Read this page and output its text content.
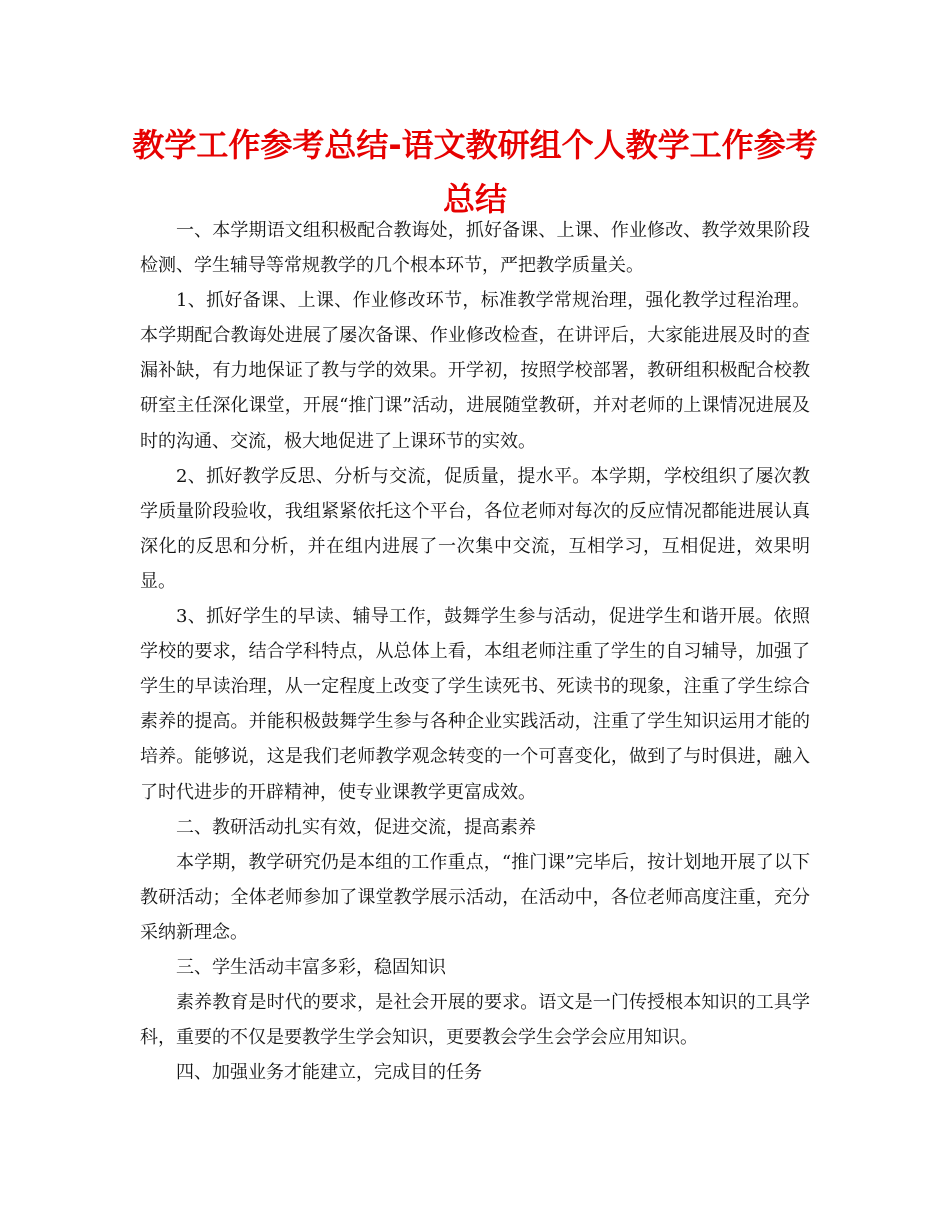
教学工作参考总结-语文教研组个人教学工作参考总结

一、本学期语文组积极配合教诲处，抓好备课、上课、作业修改、教学效果阶段检测、学生辅导等常规教学的几个根本环节，严把教学质量关。

1、抓好备课、上课、作业修改环节，标准教学常规治理，强化教学过程治理。本学期配合教诲处进展了屡次备课、作业修改检查，在讲评后，大家能进展及时的查漏补缺，有力地保证了教与学的效果。开学初，按照学校部署，教研组积极配合校教研室主任深化课堂，开展“推门课”活动，进展随堂教研，并对老师的上课情况进展及时的沟通、交流，极大地促进了上课环节的实效。

2、抓好教学反思、分析与交流，促质量，提水平。本学期，学校组织了屡次教学质量阶段验收，我组紧紧依托这个平台，各位老师对每次的反应情况都能进展认真深化的反思和分析，并在组内进展了一次集中交流，互相学习，互相促进，效果明显。

3、抓好学生的早读、辅导工作，鼓舞学生参与活动，促进学生和谐开展。依照学校的要求，结合学科特点，从总体上看，本组老师注重了学生的自习辅导，加强了学生的早读治理，从一定程度上改变了学生读死书、死读书的现象，注重了学生综合素养的提高。并能积极鼓舞学生参与各种企业实践活动，注重了学生知识运用才能的培养。能够说，这是我们老师教学观念转变的一个可喜变化，做到了与时俱进，融入了时代进步的开辟精神，使专业课教学更富成效。

二、教研活动扎实有效，促进交流，提高素养

本学期，教学研究仍是本组的工作重点，“推门课”完毕后，按计划地开展了以下教研活动；全体老师参加了课堂教学展示活动，在活动中，各位老师高度注重，充分采纳新理念。

三、学生活动丰富多彩，稳固知识

素养教育是时代的要求，是社会开展的要求。语文是一门传授根本知识的工具学科，重要的不仅是要教学生学会知识，更要教会学生会学会应用知识。

四、加强业务才能建立，完成目的任务
